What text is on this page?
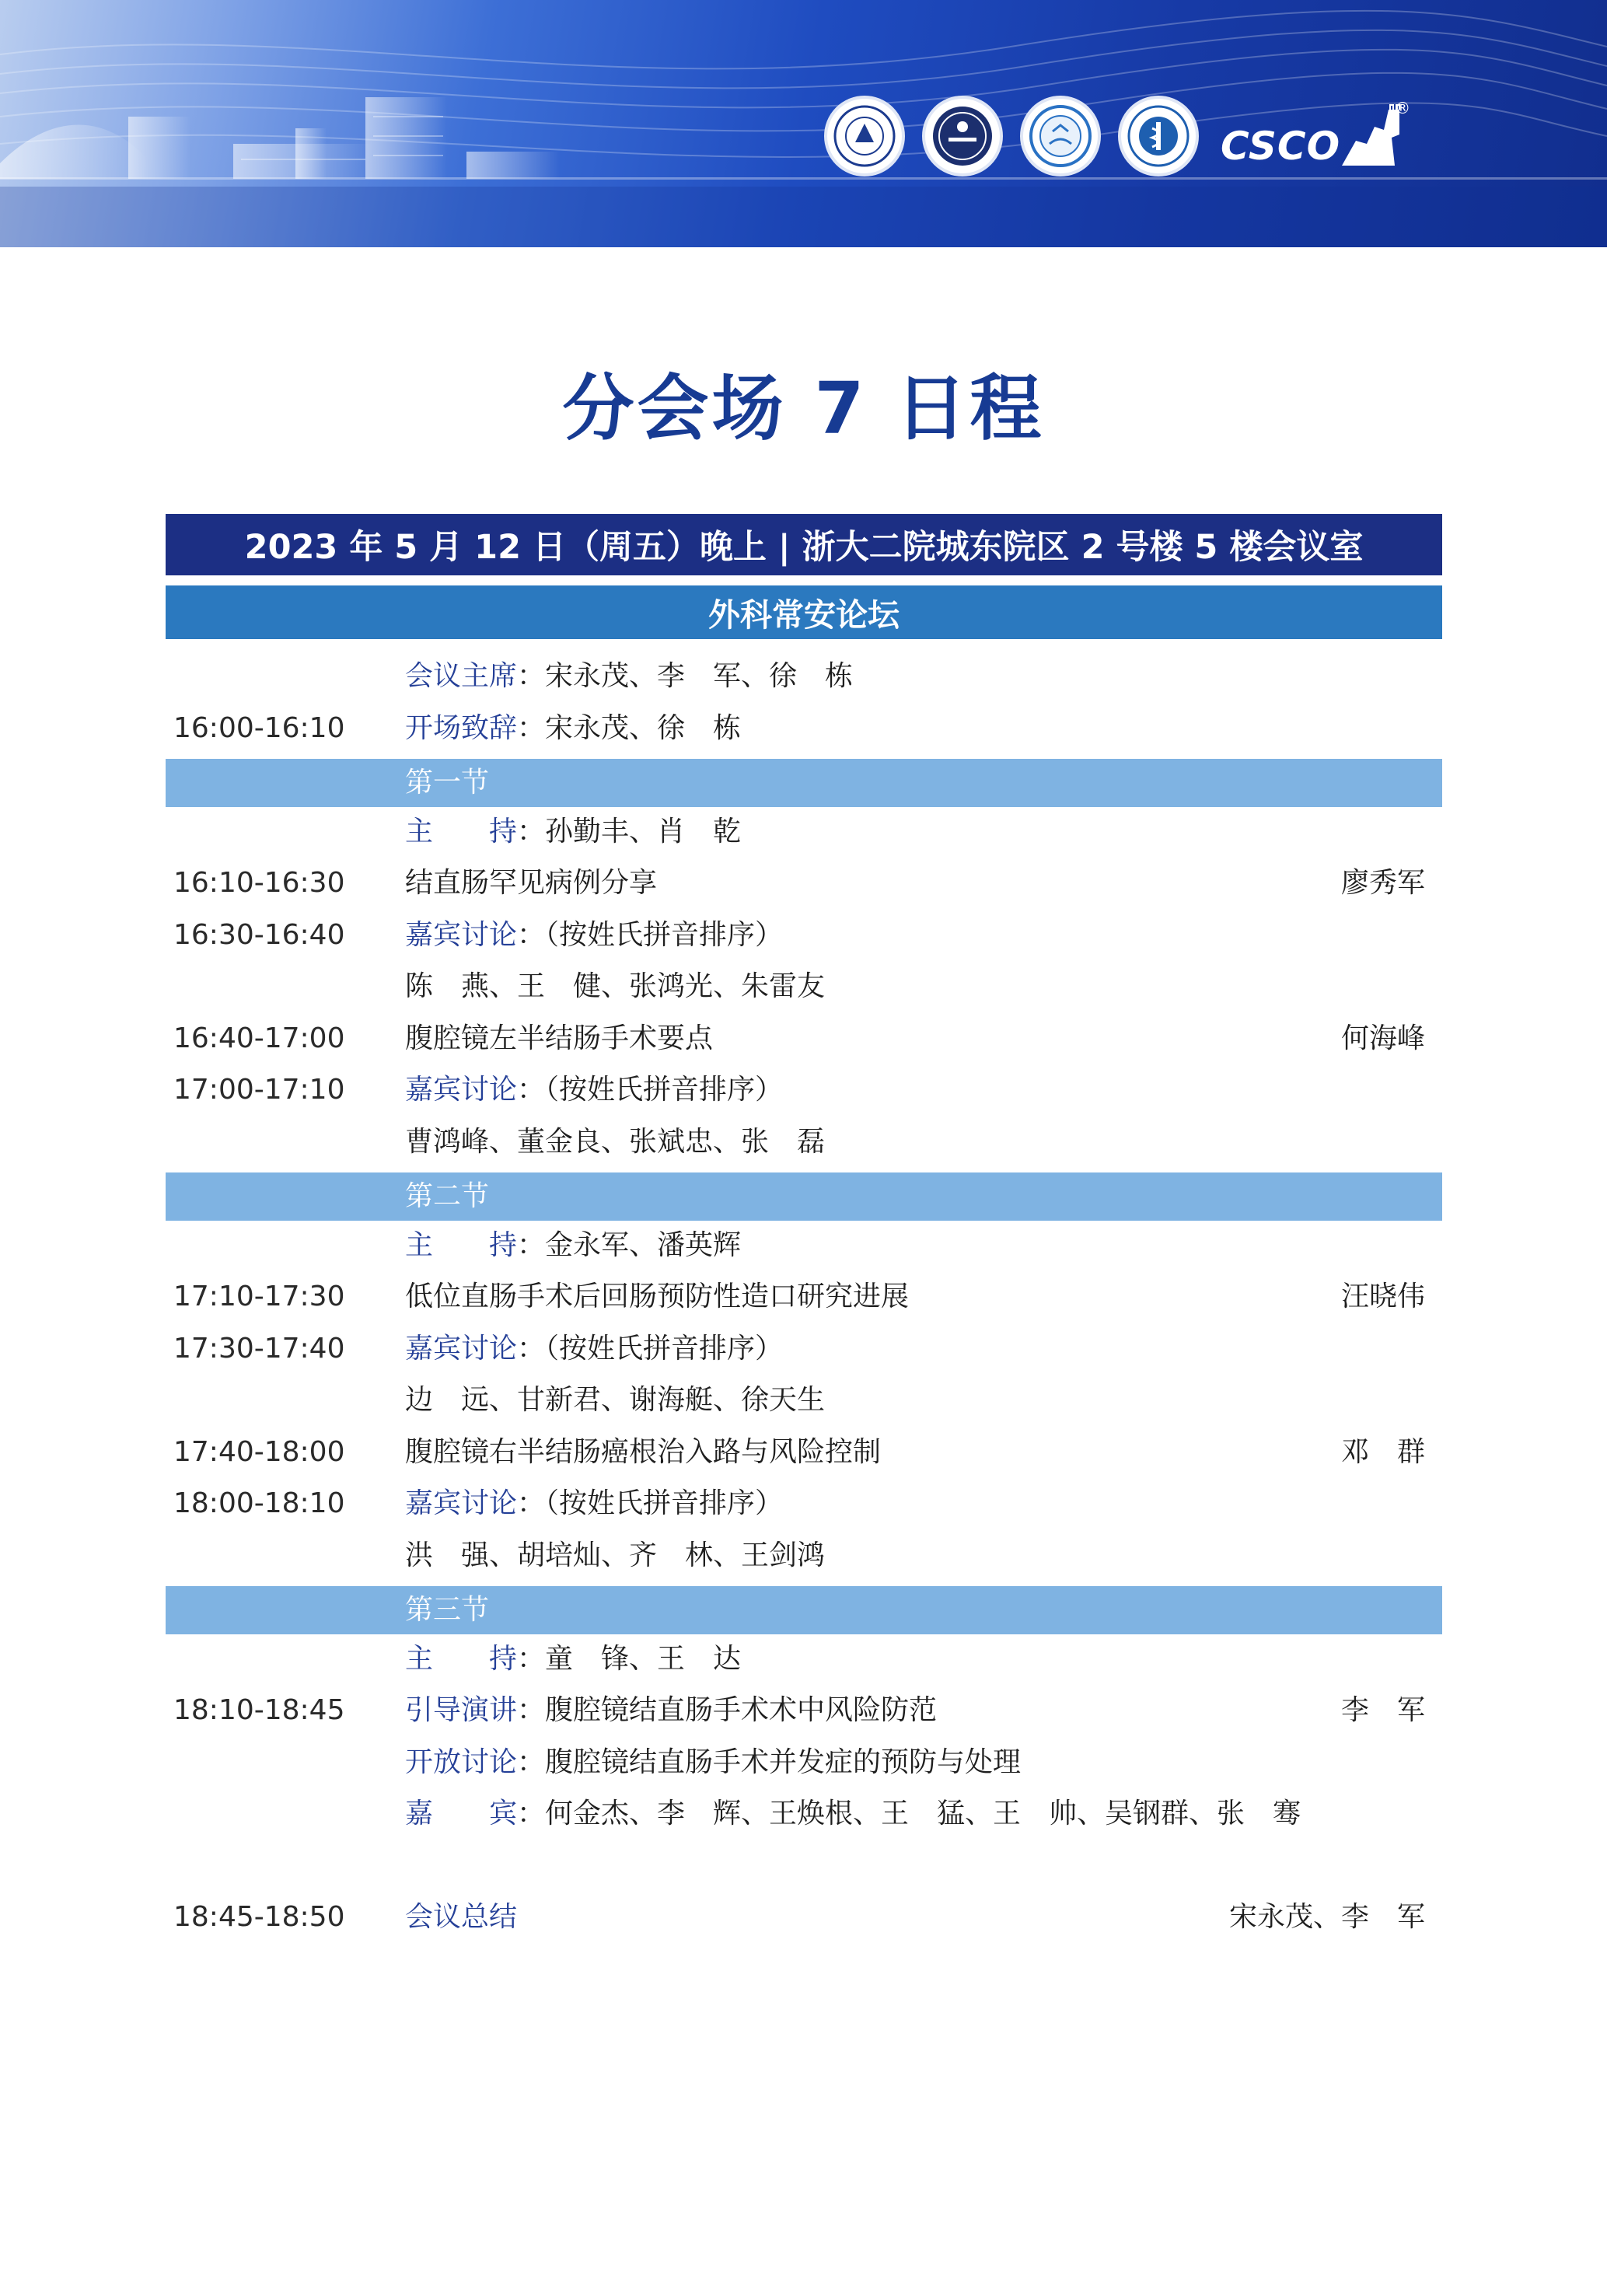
CSCO
®
分会场 7 日程
2023 年 5 月 12 日（周五）晚上 | 浙大二院城东院区 2 号楼 5 楼会议室
外科常安论坛
会议主席：宋永茂、李　军、徐　栋
16:00-16:10 开场致辞：宋永茂、徐　栋
第一节
主　　持：孙勤丰、肖　乾
16:10-16:30 结直肠罕见病例分享	廖秀军
16:30-16:40 嘉宾讨论：（按姓氏拼音排序）
陈　燕、王　健、张鸿光、朱雷友
16:40-17:00 腹腔镜左半结肠手术要点	何海峰
17:00-17:10 嘉宾讨论：（按姓氏拼音排序）
曹鸿峰、董金良、张斌忠、张　磊
第二节
主　　持：金永军、潘英辉
17:10-17:30 低位直肠手术后回肠预防性造口研究进展	汪晓伟
17:30-17:40 嘉宾讨论：（按姓氏拼音排序）
边　远、甘新君、谢海艇、徐天生
17:40-18:00 腹腔镜右半结肠癌根治入路与风险控制	邓　群
18:00-18:10 嘉宾讨论：（按姓氏拼音排序）
洪　强、胡培灿、齐　林、王剑鸿
第三节
主　　持：童　锋、王　达
18:10-18:45 引导演讲：腹腔镜结直肠手术术中风险防范	李　军
开放讨论：腹腔镜结直肠手术并发症的预防与处理
嘉　　宾：何金杰、李　辉、王焕根、王　猛、王　帅、吴钢群、张　骞
18:45-18:50 会议总结	宋永茂、李　军
